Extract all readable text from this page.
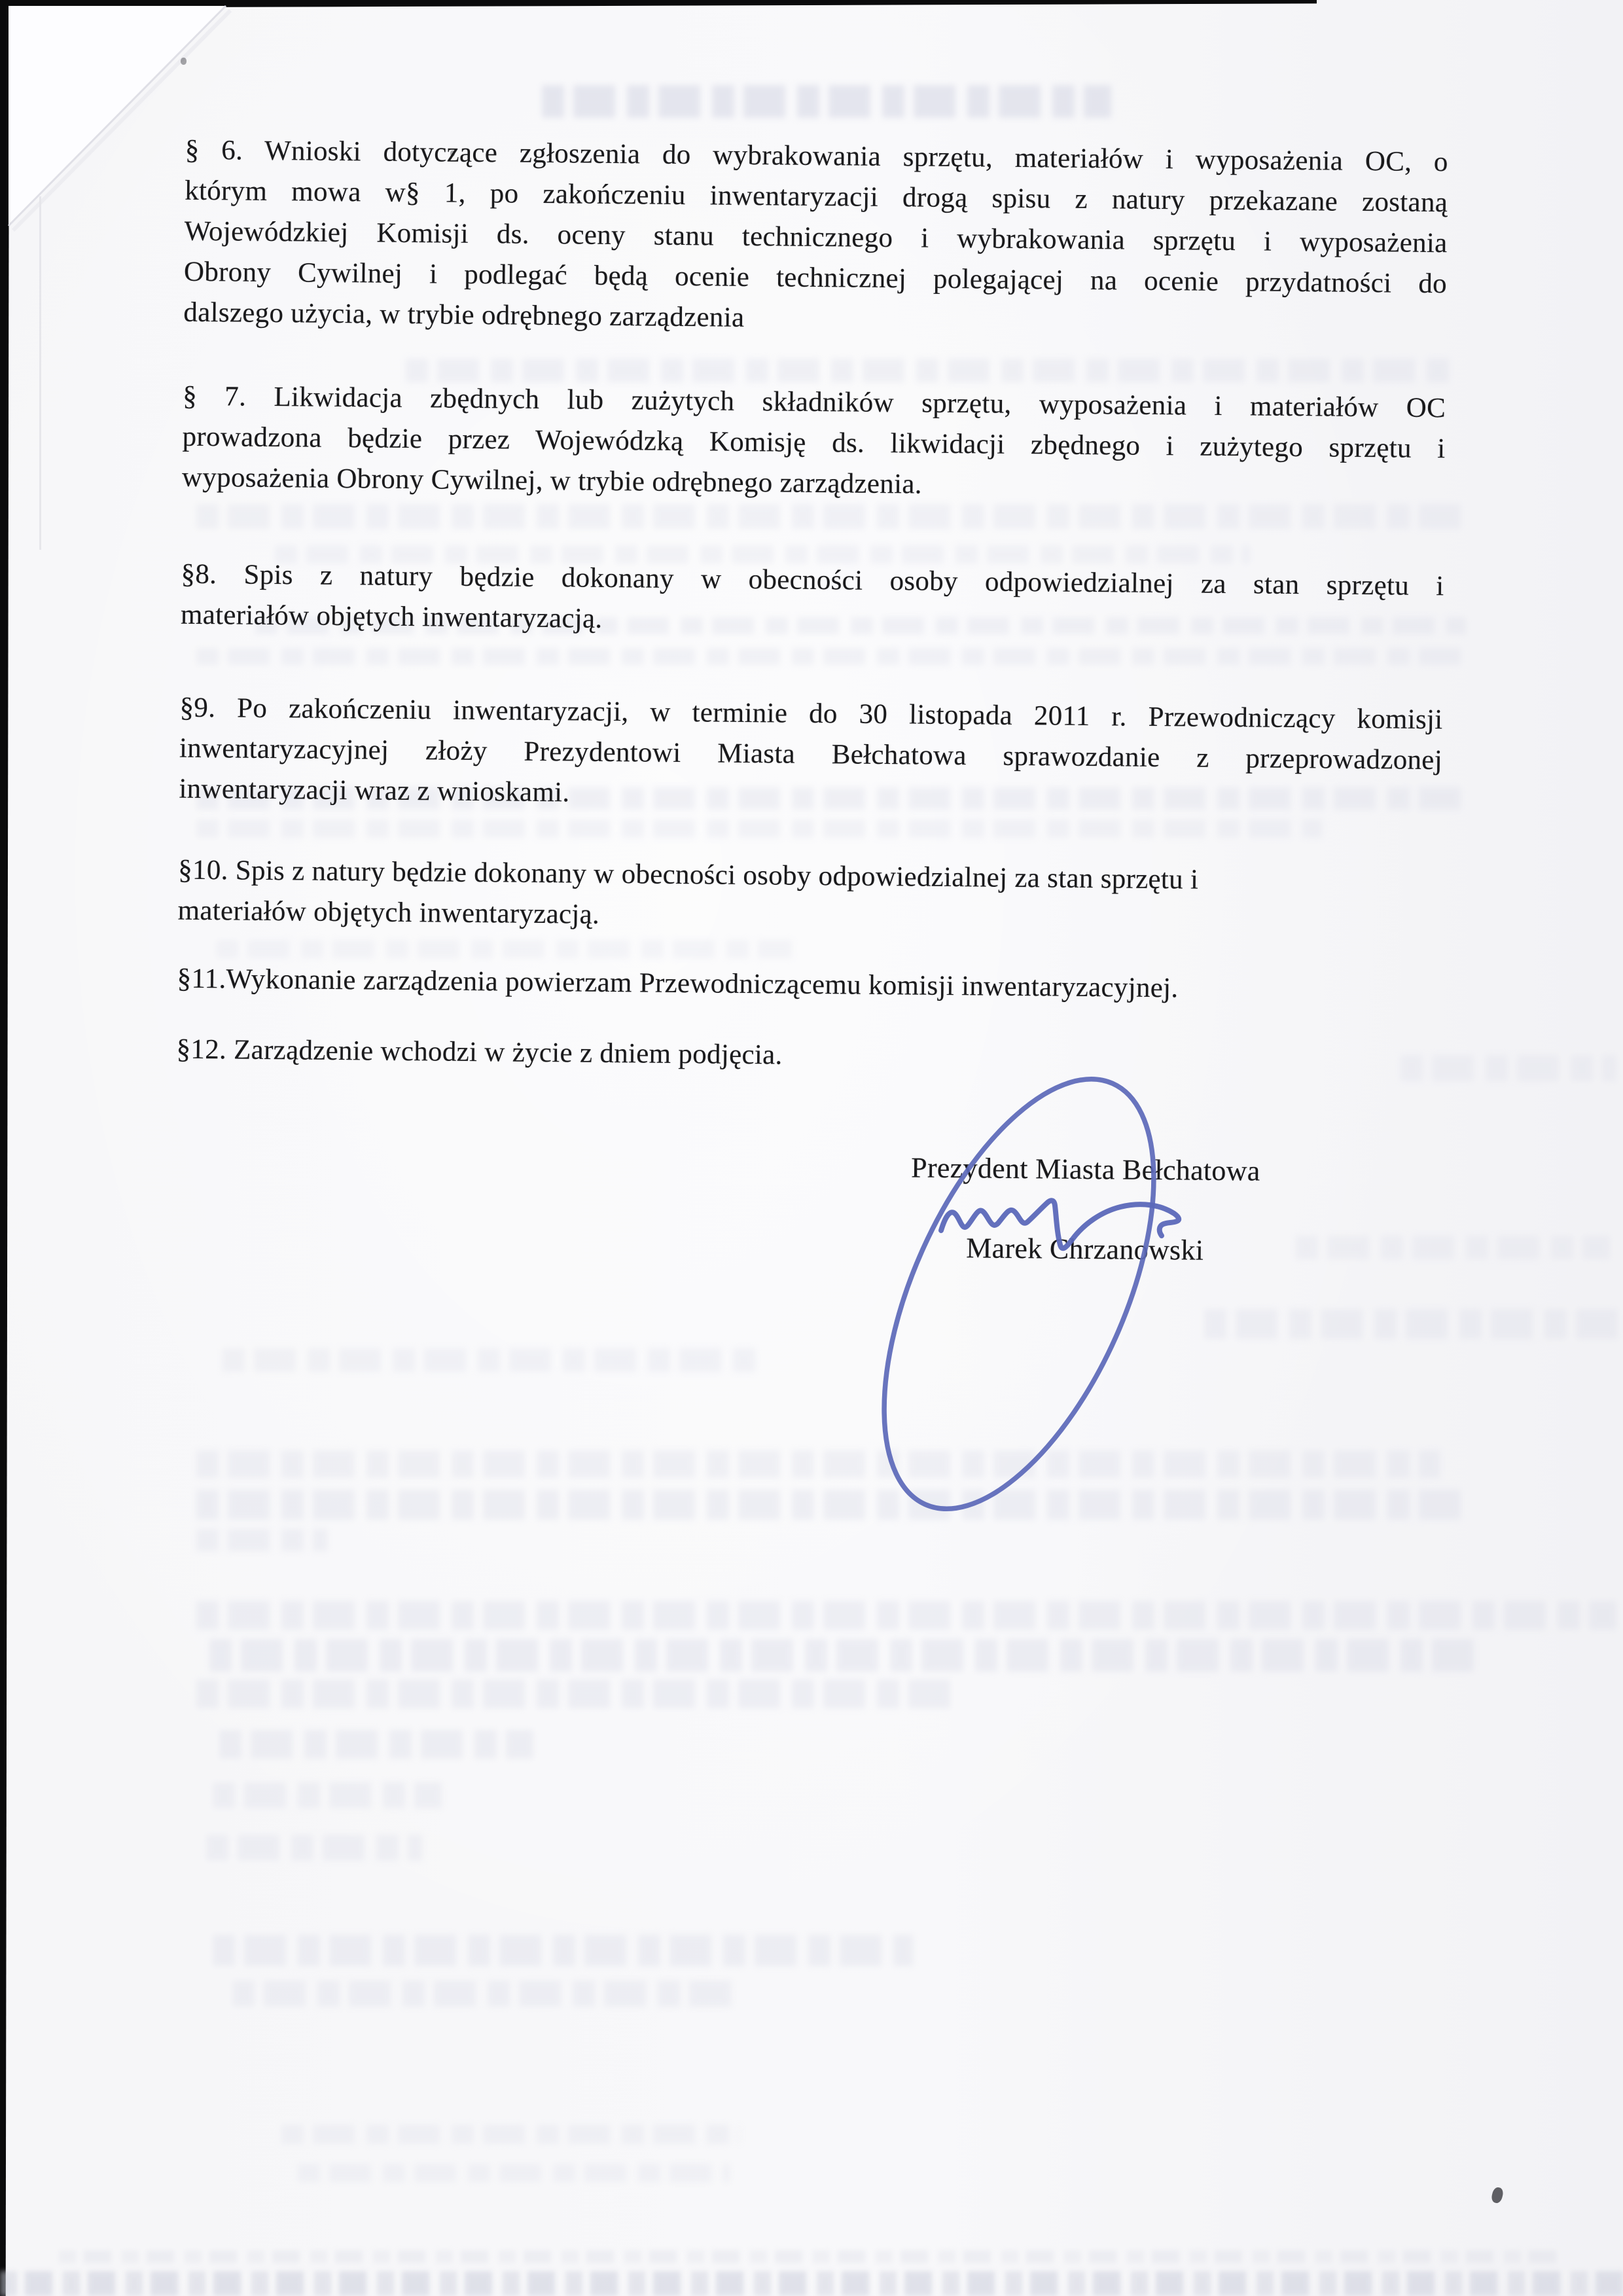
§ 6. Wnioski dotyczące zgłoszenia do wybrakowania sprzętu, materiałów i wyposażenia OC, o
którym mowa w§ 1, po zakończeniu inwentaryzacji drogą spisu z natury przekazane zostaną
Wojewódzkiej Komisji ds. oceny stanu technicznego i wybrakowania sprzętu i wyposażenia
Obrony Cywilnej i podlegać będą ocenie technicznej polegającej na ocenie przydatności do
dalszego użycia, w trybie odrębnego zarządzenia
§ 7. Likwidacja zbędnych lub zużytych składników sprzętu, wyposażenia i materiałów OC
prowadzona będzie przez Wojewódzką Komisję ds. likwidacji zbędnego i zużytego sprzętu i
wyposażenia Obrony Cywilnej, w trybie odrębnego zarządzenia.
§8. Spis z natury będzie dokonany w obecności osoby odpowiedzialnej za stan sprzętu i
materiałów objętych inwentaryzacją.
§9. Po zakończeniu inwentaryzacji, w terminie do 30 listopada 2011 r. Przewodniczący komisji
inwentaryzacyjnej złoży Prezydentowi Miasta Bełchatowa sprawozdanie z przeprowadzonej
inwentaryzacji wraz z wnioskami.
§10. Spis z natury będzie dokonany w obecności osoby odpowiedzialnej za stan sprzętu i
materiałów objętych inwentaryzacją.
§11.Wykonanie zarządzenia powierzam Przewodniczącemu komisji inwentaryzacyjnej.
§12. Zarządzenie wchodzi w życie z dniem podjęcia.
Prezydent Miasta Bełchatowa
Marek Chrzanowski
